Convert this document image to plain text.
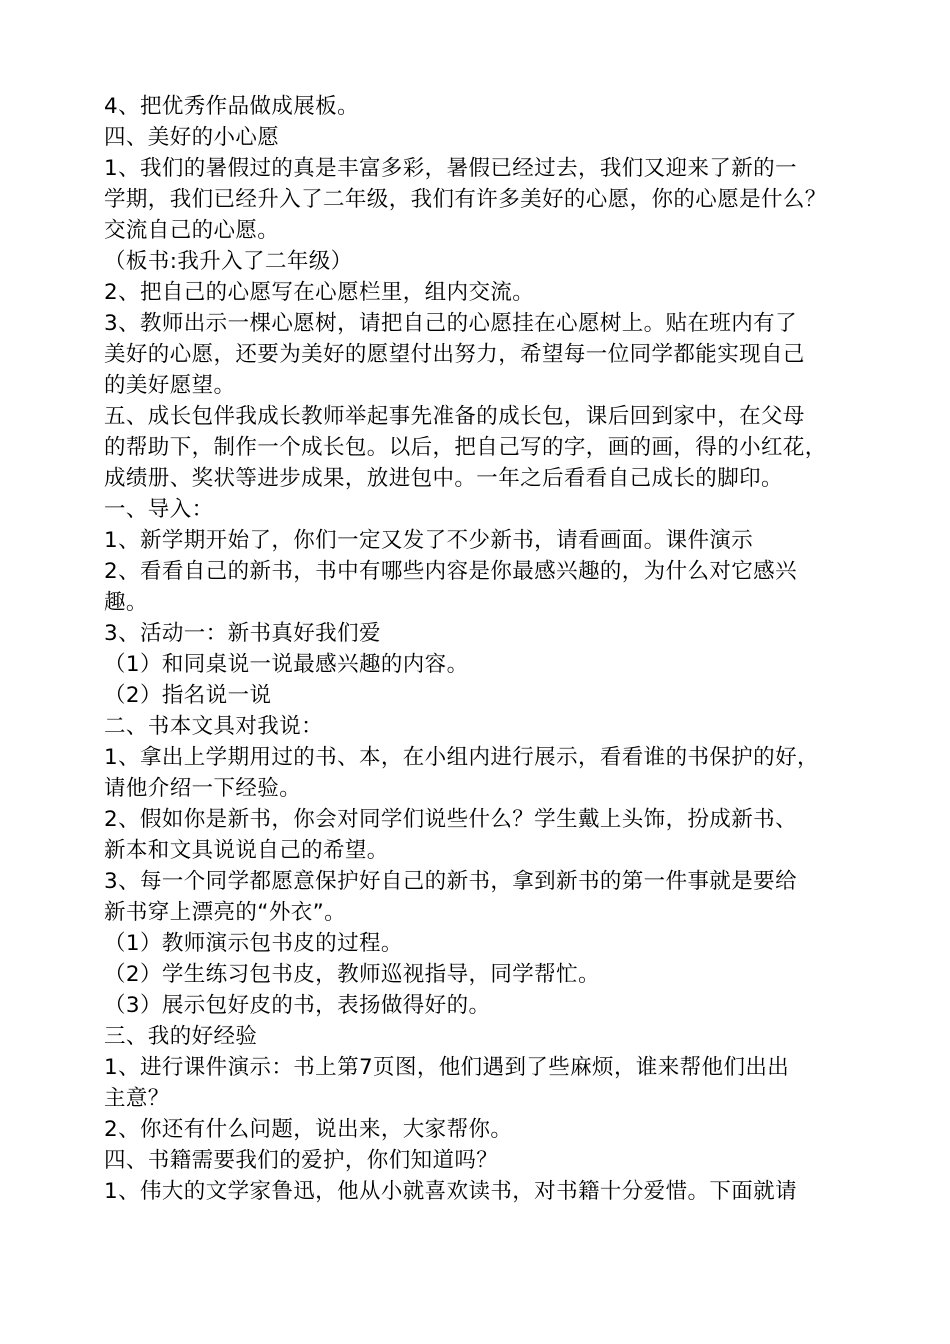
4、把优秀作品做成展板。
四、美好的小心愿
1、我们的暑假过的真是丰富多彩，暑假已经过去，我们又迎来了新的一
学期，我们已经升入了二年级，我们有许多美好的心愿，你的心愿是什么？
交流自己的心愿。
（板书:我升入了二年级）
2、把自己的心愿写在心愿栏里，组内交流。
3、教师出示一棵心愿树，请把自己的心愿挂在心愿树上。贴在班内有了
美好的心愿，还要为美好的愿望付出努力，希望每一位同学都能实现自己
的美好愿望。
五、成长包伴我成长教师举起事先准备的成长包，课后回到家中，在父母
的帮助下，制作一个成长包。以后，把自己写的字，画的画，得的小红花，
成绩册、奖状等进步成果，放进包中。一年之后看看自己成长的脚印。
一、导入：
1、新学期开始了，你们一定又发了不少新书，请看画面。课件演示
2、看看自己的新书，书中有哪些内容是你最感兴趣的，为什么对它感兴
趣。
3、活动一：新书真好我们爱
（1）和同桌说一说最感兴趣的内容。
（2）指名说一说
二、书本文具对我说：
1、拿出上学期用过的书、本，在小组内进行展示，看看谁的书保护的好，
请他介绍一下经验。
2、假如你是新书，你会对同学们说些什么？学生戴上头饰，扮成新书、
新本和文具说说自己的希望。
3、每一个同学都愿意保护好自己的新书，拿到新书的第一件事就是要给
新书穿上漂亮的“外衣”。
（1）教师演示包书皮的过程。
（2）学生练习包书皮，教师巡视指导，同学帮忙。
（3）展示包好皮的书，表扬做得好的。
三、我的好经验
1、进行课件演示：书上第7页图，他们遇到了些麻烦，谁来帮他们出出
主意？
2、你还有什么问题，说出来，大家帮你。
四、书籍需要我们的爱护，你们知道吗？
1、伟大的文学家鲁迅，他从小就喜欢读书，对书籍十分爱惜。下面就请
